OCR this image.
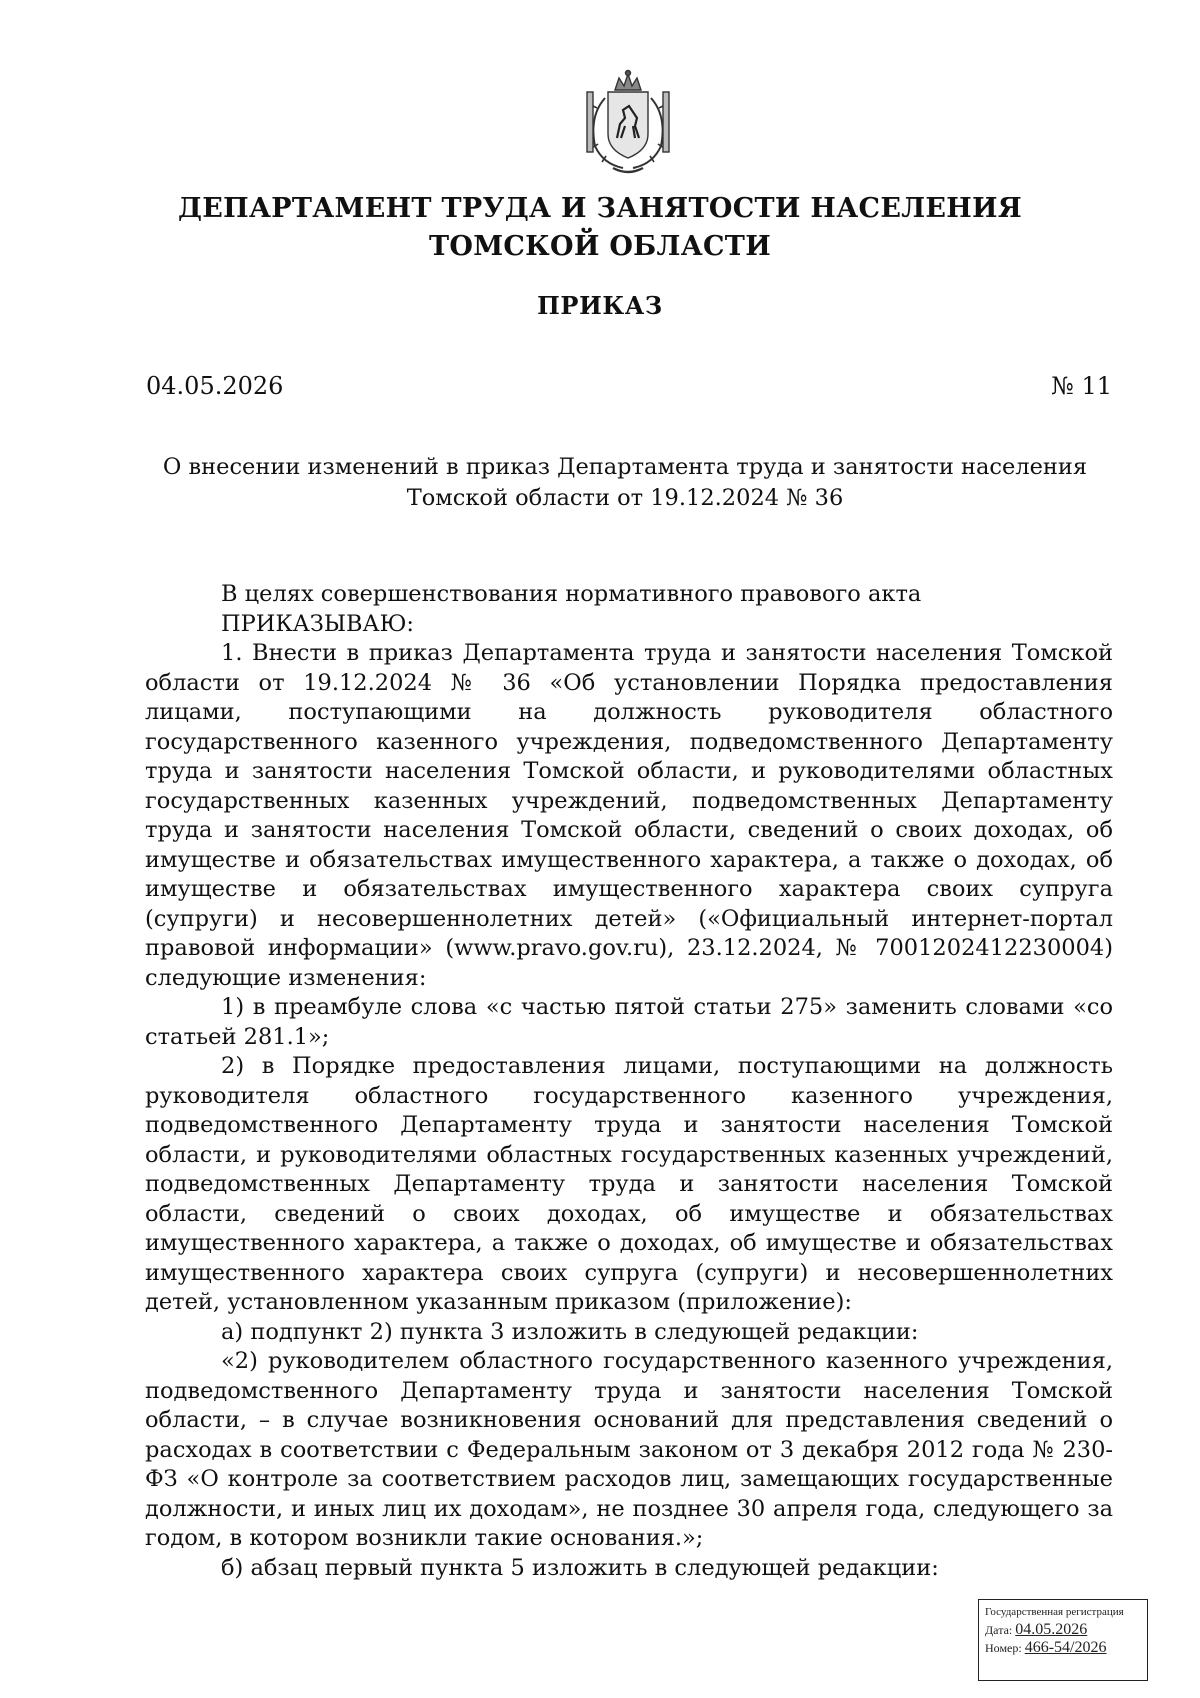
ДЕПАРТАМЕНТ ТРУДА И ЗАНЯТОСТИ НАСЕЛЕНИЯ
ТОМСКОЙ ОБЛАСТИ
ПРИКАЗ
04.05.2026	№ 11

О внесении изменений в приказ Департамента труда и занятости населения Томской области от 19.12.2024 № 36

В целях совершенствования нормативного правового акта

ПРИКАЗЫВАЮ:

1. Внести в приказ Департамента труда и занятости населения Томской области от 19.12.2024 № 36 «Об установлении Порядка предоставления лицами, поступающими на должность руководителя областного государственного казенного учреждения, подведомственного Департаменту труда и занятости населения Томской области, и руководителями областных государственных казенных учреждений, подведомственных Департаменту труда и занятости населения Томской области, сведений о своих доходах, об имуществе и обязательствах имущественного характера, а также о доходах, об имуществе и обязательствах имущественного характера своих супруга (супруги) и несовершеннолетних детей» («Официальный интернет-портал правовой информации» (www.pravo.gov.ru), 23.12.2024, № 7001202412230004) следующие изменения:

1) в преамбуле слова «с частью пятой статьи 275» заменить словами «со статьей 281.1»;

2) в Порядке предоставления лицами, поступающими на должность руководителя областного государственного казенного учреждения, подведомственного Департаменту труда и занятости населения Томской области, и руководителями областных государственных казенных учреждений, подведомственных Департаменту труда и занятости населения Томской области, сведений о своих доходах, об имуществе и обязательствах имущественного характера, а также о доходах, об имуществе и обязательствах имущественного характера своих супруга (супруги) и несовершеннолетних детей, установленном указанным приказом (приложение):

а) подпункт 2) пункта 3 изложить в следующей редакции:

«2) руководителем областного государственного казенного учреждения, подведомственного Департаменту труда и занятости населения Томской области, – в случае возникновения оснований для представления сведений о расходах в соответствии с Федеральным законом от 3 декабря 2012 года № 230-ФЗ «О контроле за соответствием расходов лиц, замещающих государственные должности, и иных лиц их доходам», не позднее 30 апреля года, следующего за годом, в котором возникли такие основания.»;

б) абзац первый пункта 5 изложить в следующей редакции:

Государственная регистрация
Дата: 04.05.2026
Номер: 466-54/2026
